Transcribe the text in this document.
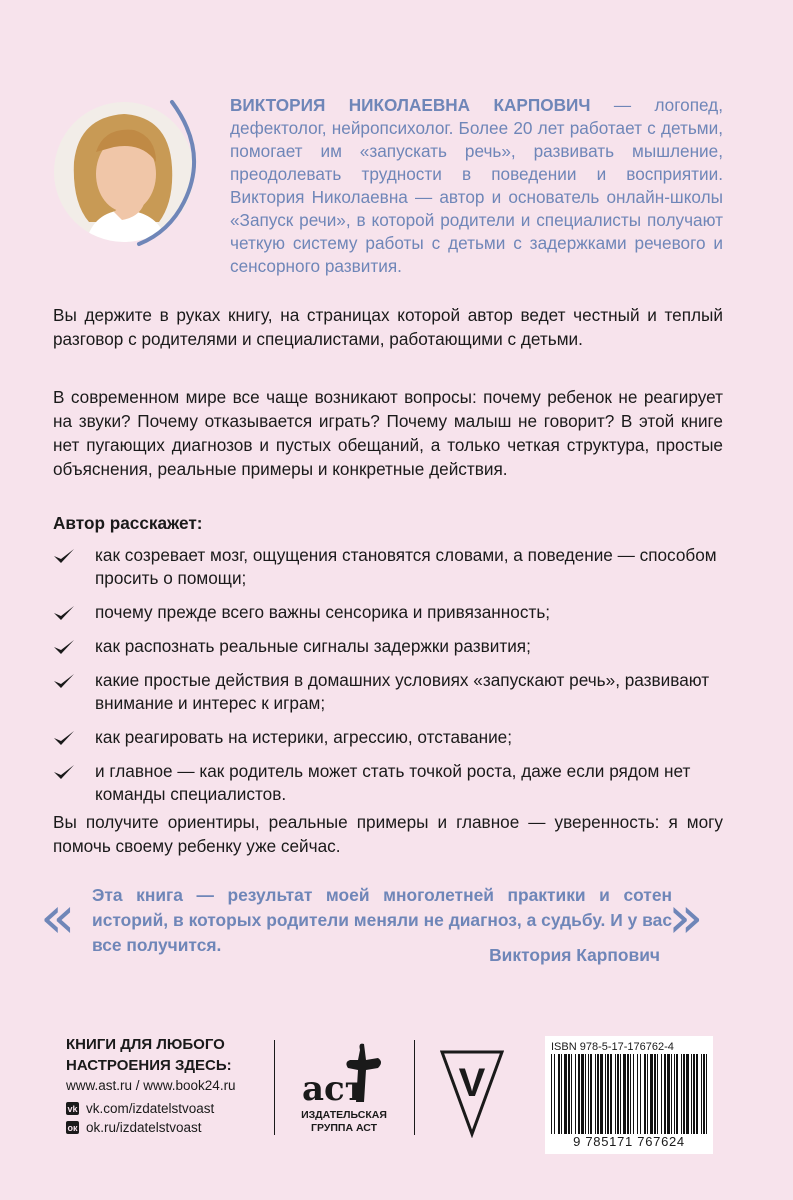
ВИКТОРИЯ НИКОЛАЕВНА КАРПОВИЧ — логопед, дефектолог, нейропсихолог. Более 20 лет работает с детьми, помогает им «запускать речь», развивать мышление, преодолевать трудности в поведении и восприятии. Виктория Николаевна — автор и основатель онлайн-школы «Запуск речи», в которой родители и специалисты получают четкую систему работы с детьми с задержками речевого и сенсорного развития.
Вы держите в руках книгу, на страницах которой автор ведет честный и теплый разговор с родителями и специалистами, работающими с детьми.
В современном мире все чаще возникают вопросы: почему ребенок не реагирует на звуки? Почему отказывается играть? Почему малыш не говорит? В этой книге нет пугающих диагнозов и пустых обещаний, а только четкая структура, простые объяснения, реальные примеры и конкретные действия.
Автор расскажет:
как созревает мозг, ощущения становятся словами, а поведение — способом просить о помощи;
почему прежде всего важны сенсорика и привязанность;
как распознать реальные сигналы задержки развития;
какие простые действия в домашних условиях «запускают речь», развивают внимание и интерес к играм;
как реагировать на истерики, агрессию, отставание;
и главное — как родитель может стать точкой роста, даже если рядом нет команды специалистов.
Вы получите ориентиры, реальные примеры и главное — уверенность: я могу помочь своему ребенку уже сейчас.
« Эта книга — результат моей многолетней практики и сотен историй, в которых родители меняли не диагноз, а судьбу. И у вас все получится.	»
Виктория Карпович
КНИГИ ДЛЯ ЛЮБОГО НАСТРОЕНИЯ ЗДЕСЬ:
www.ast.ru / www.book24.ru
vk vk.com/izdatelstvoast
ок ok.ru/izdatelstvoast
аст
ИЗДАТЕЛЬСКАЯ ГРУППА АСТ
V
ISBN 978-5-17-176762-4
9 785171 767624
